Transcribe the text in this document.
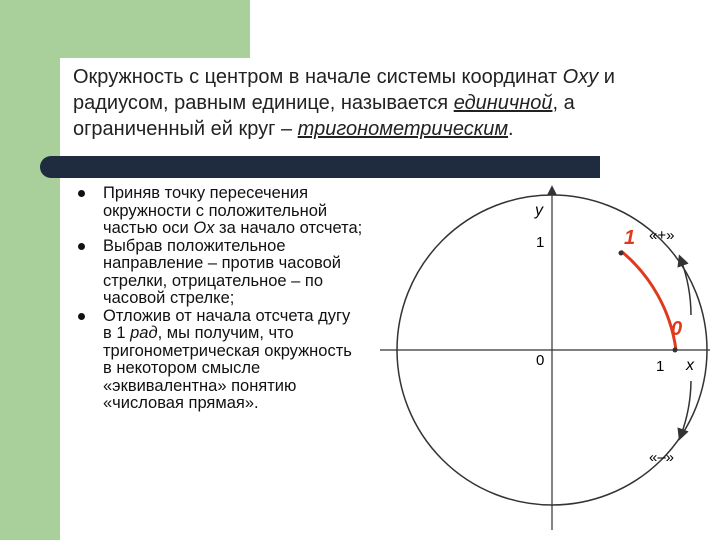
Окружность с центром в начале системы координат Oxy и
радиусом, равным единице, называется единичной, а
ограниченный ей круг – тригонометрическим.
Приняв точку пересечения окружности с положительной частью оси Ox за начало отсчета;
Выбрав положительное направление – против часовой стрелки, отрицательное – по часовой стрелке;
Отложив от начала отсчета дугу в 1 рад, мы получим, что тригонометрическая окружность в некотором смысле «эквивалентна» понятию «числовая прямая».
y
1
0	1 x
1
0
«+»
«–»
